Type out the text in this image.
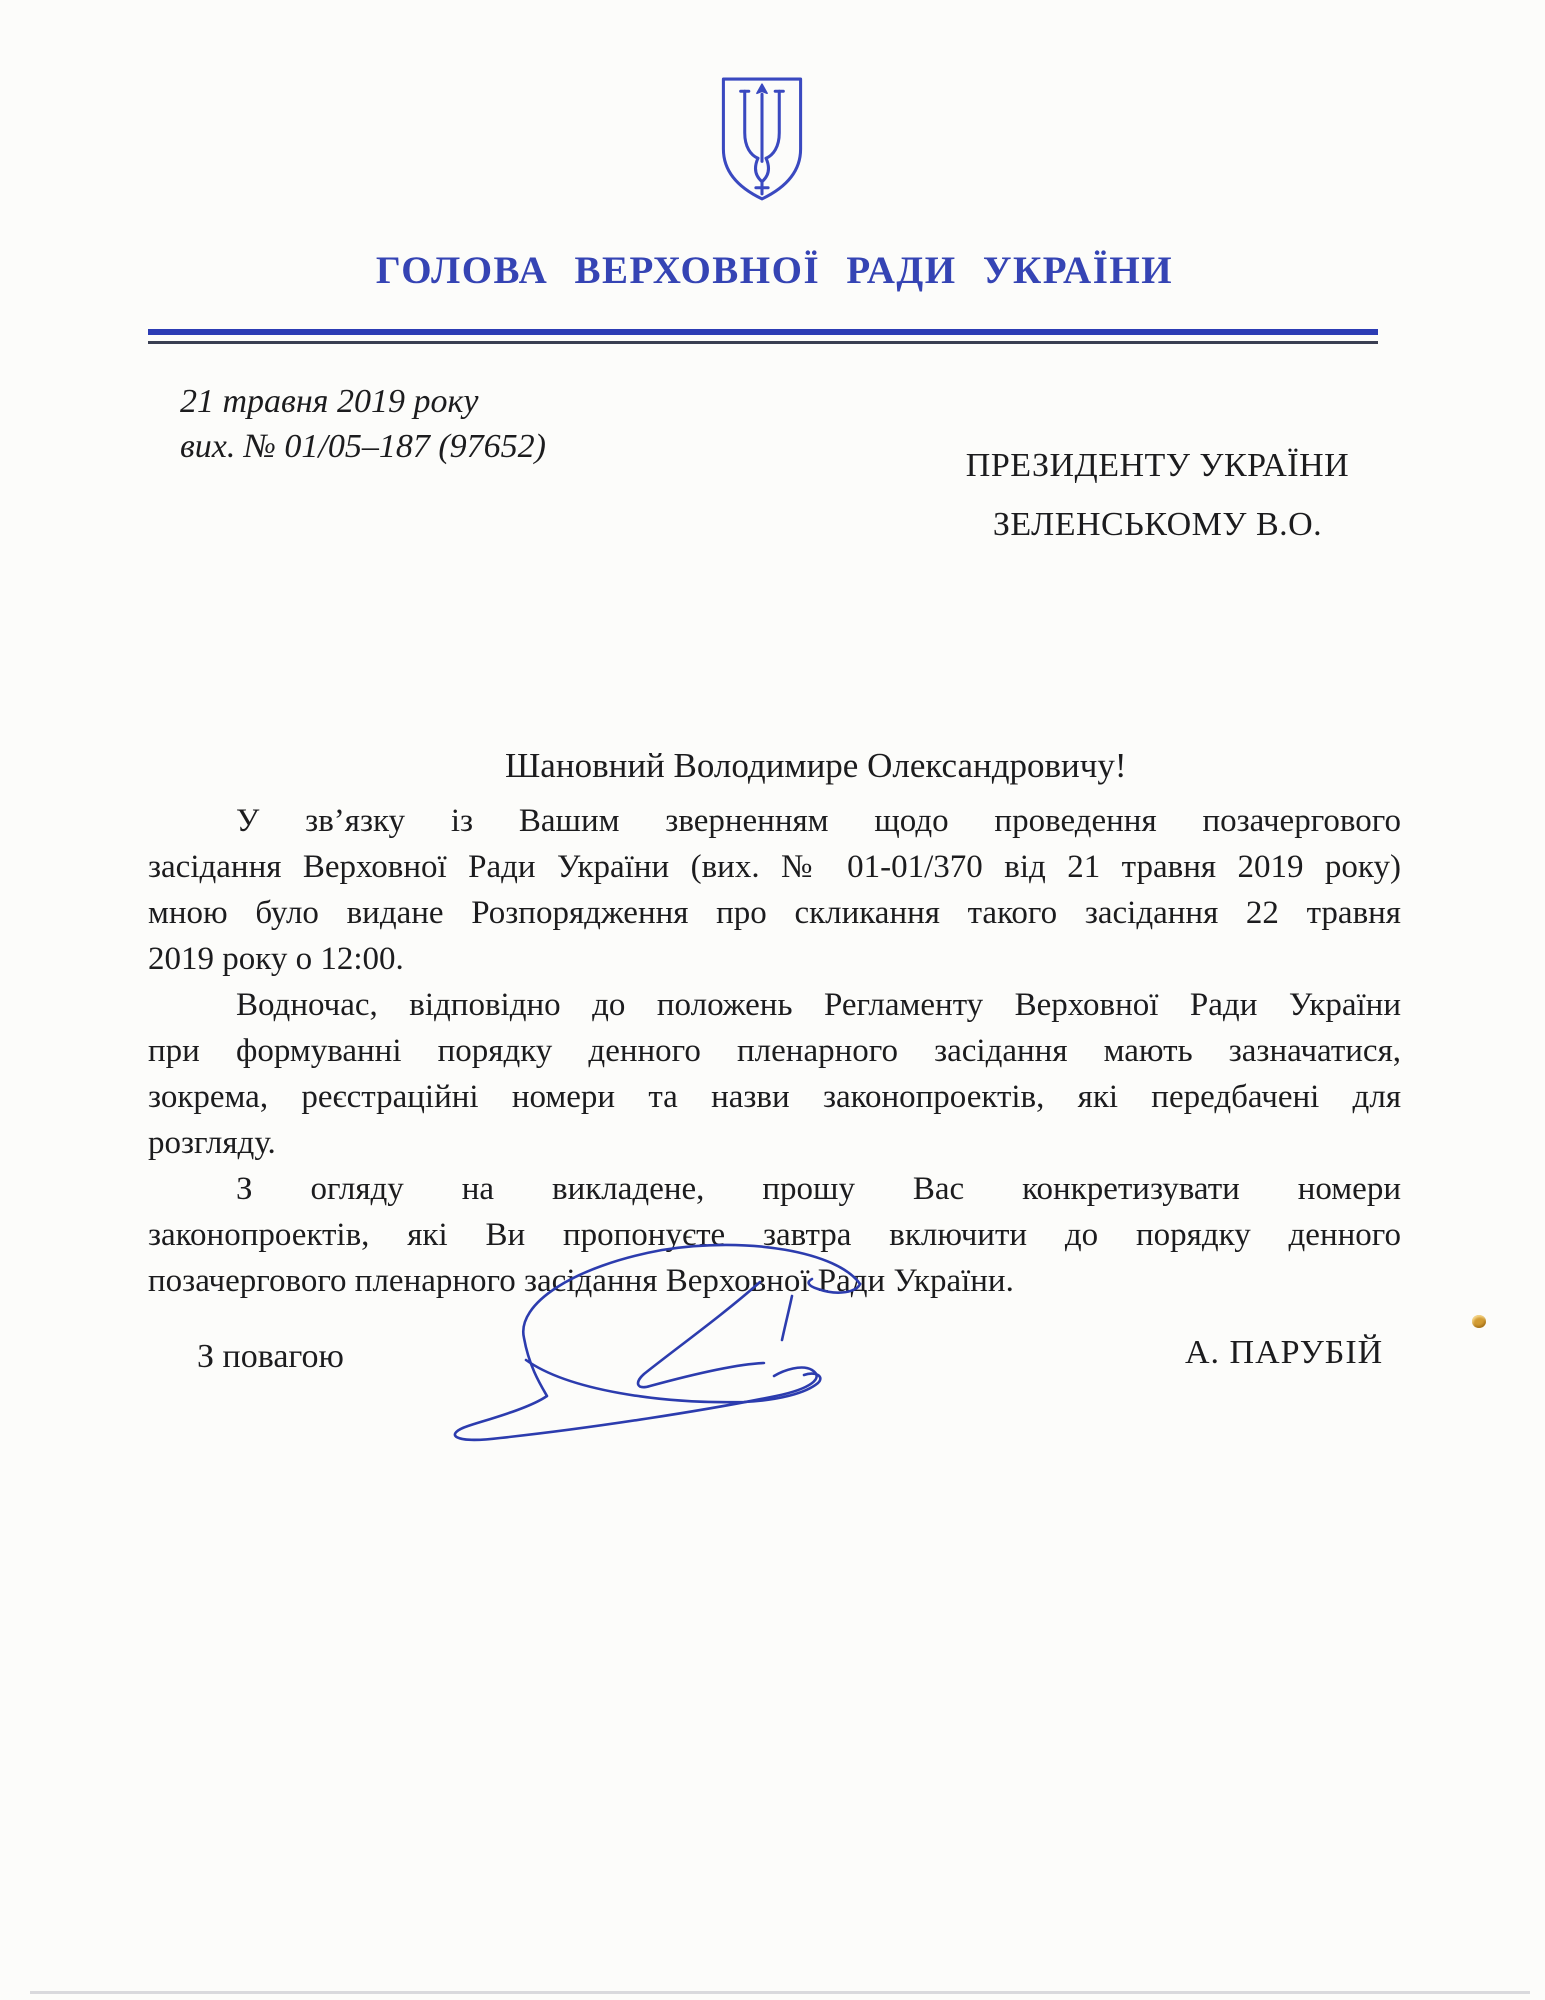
ГОЛОВА ВЕРХОВНОЇ РАДИ УКРАЇНИ
21 травня 2019 року
вих. № 01/05–187 (97652)
ПРЕЗИДЕНТУ УКРАЇНИ
ЗЕЛЕНСЬКОМУ В.О.
Шановний Володимире Олександровичу!

У зв’язку із Вашим зверненням щодо проведення позачергового
засідання Верховної Ради України (вих. № 01-01/370 від 21 травня 2019 року)
мною було видане Розпорядження про скликання такого засідання 22 травня
2019 року о 12:00.

Водночас, відповідно до положень Регламенту Верховної Ради України
при формуванні порядку денного пленарного засідання мають зазначатися,
зокрема, реєстраційні номери та назви законопроектів, які передбачені для
розгляду.

З огляду на викладене, прошу Вас конкретизувати номери
законопроектів, які Ви пропонуєте завтра включити до порядку денного
позачергового пленарного засідання Верховної Ради України.

З повагою	А. ПАРУБІЙ
